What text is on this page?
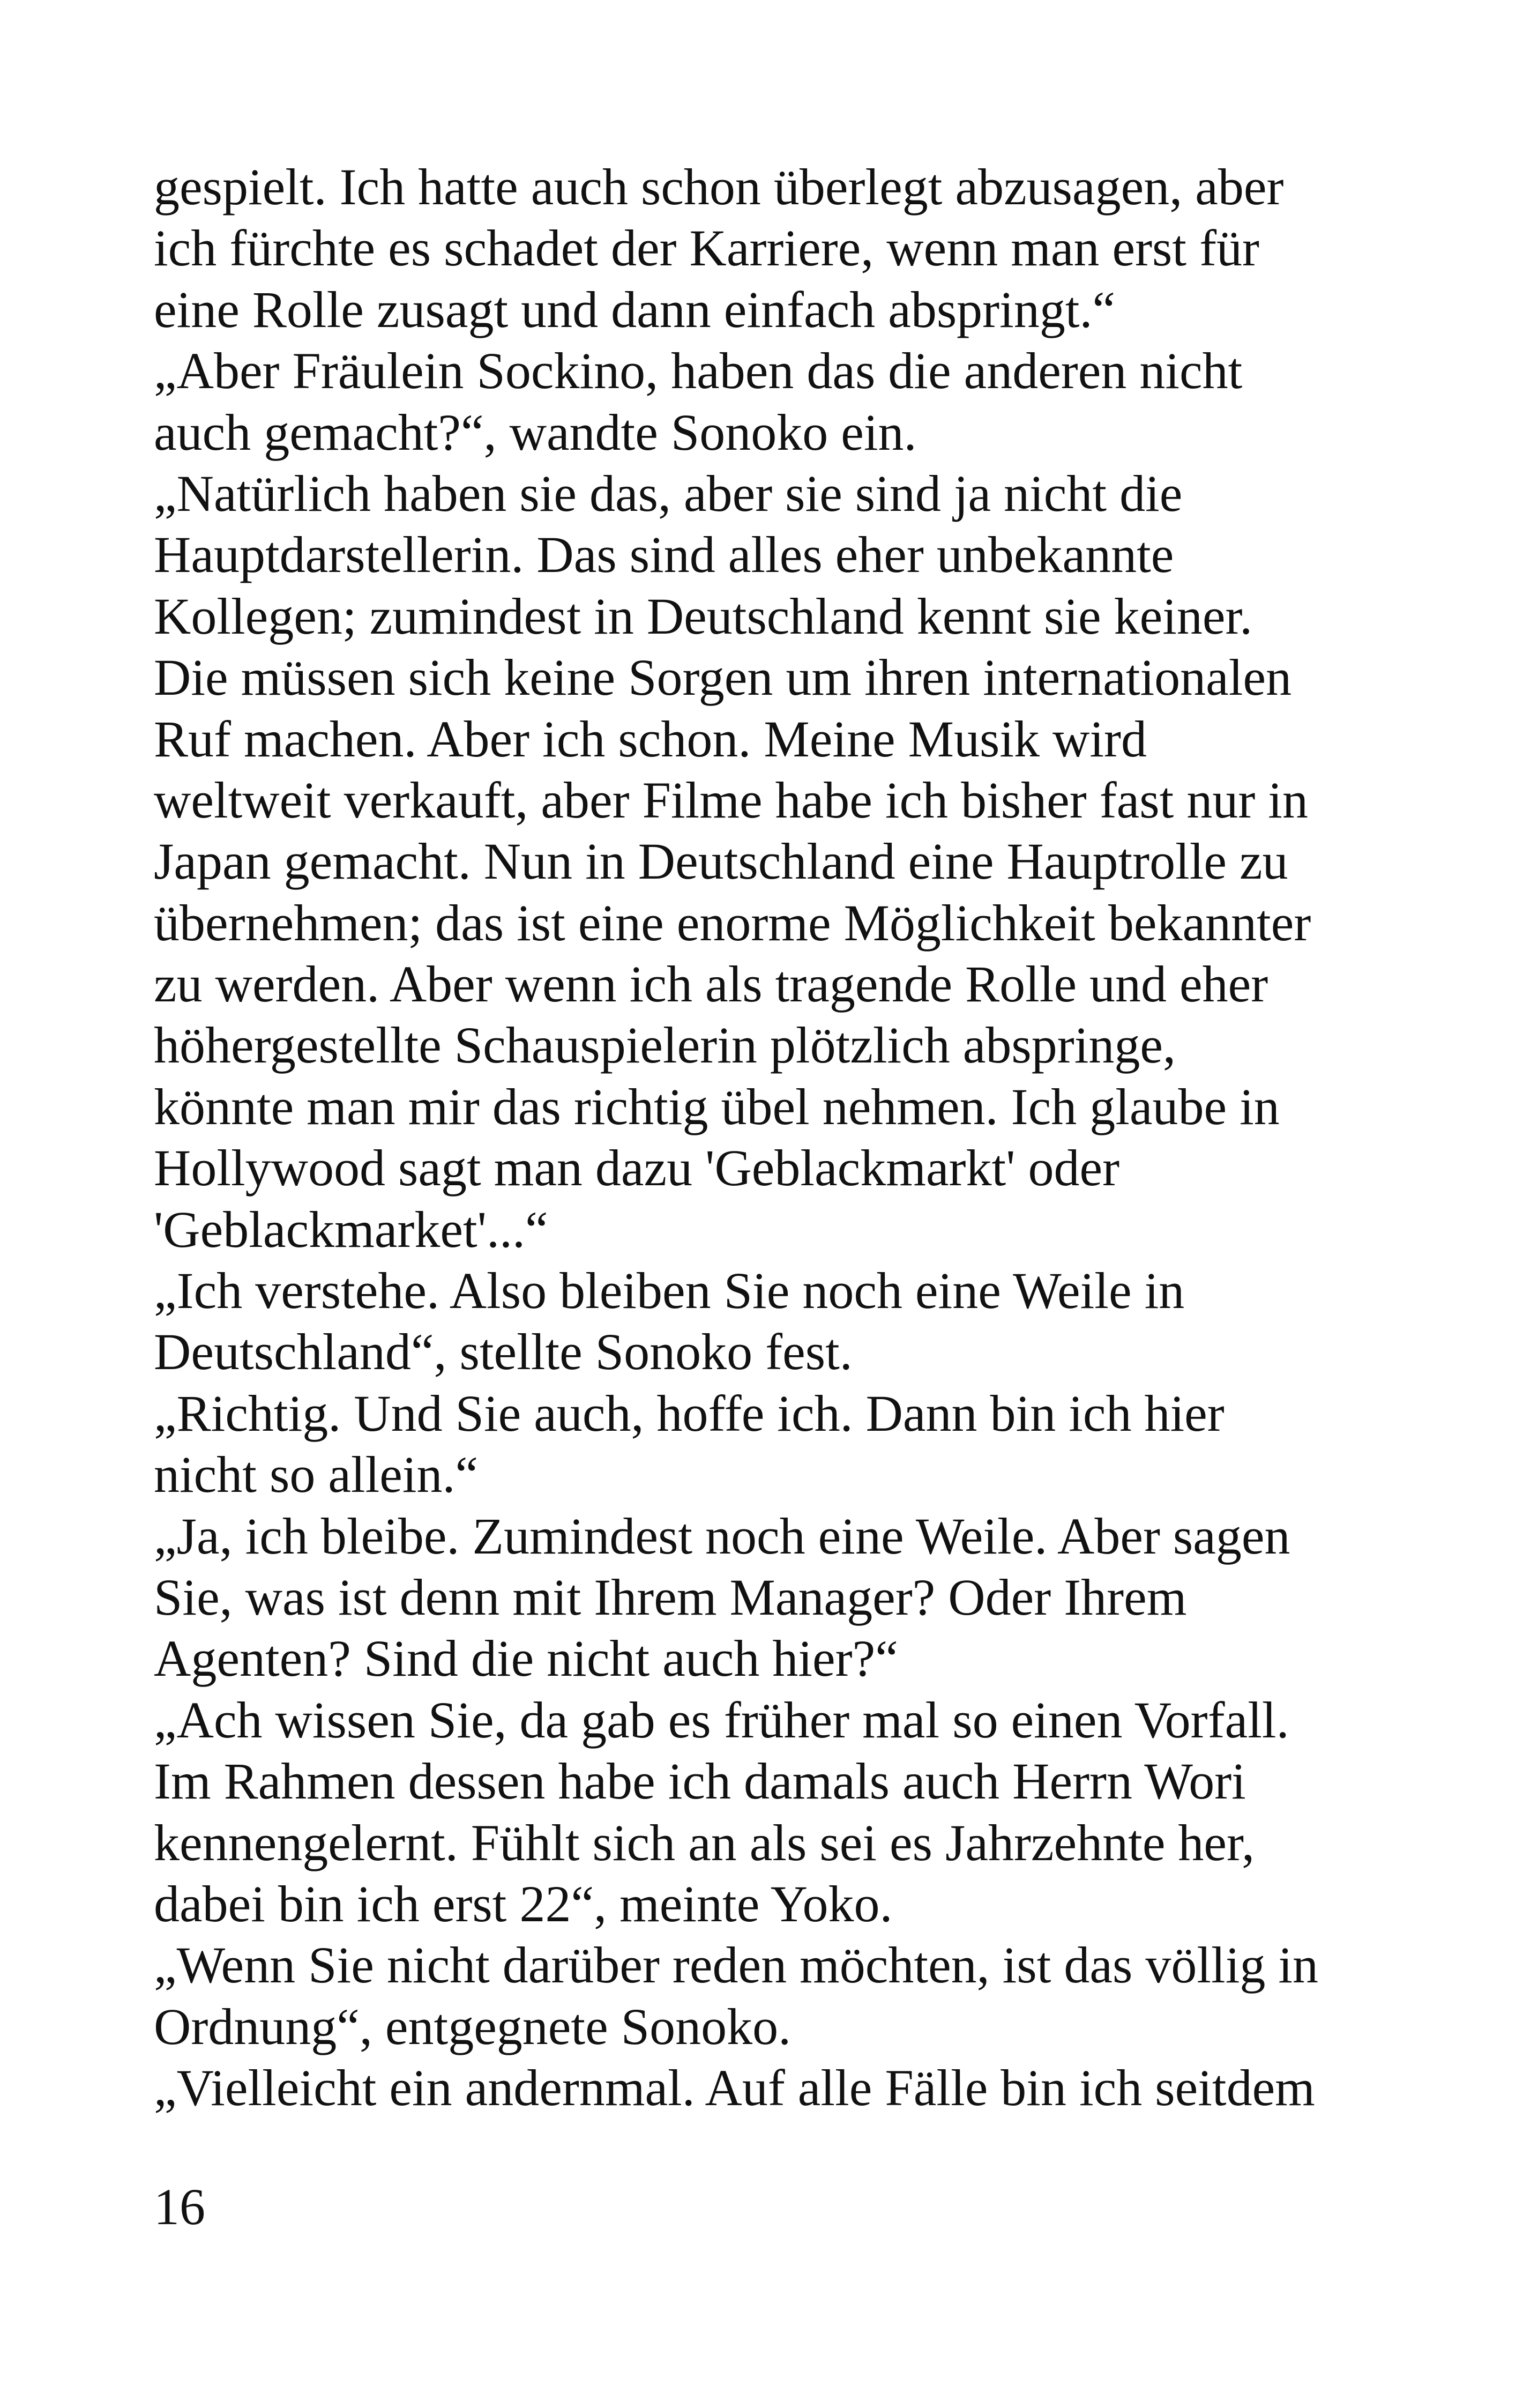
gespielt. Ich hatte auch schon überlegt abzusagen, aber
ich fürchte es schadet der Karriere, wenn man erst für
eine Rolle zusagt und dann einfach abspringt.“
„Aber Fräulein Sockino, haben das die anderen nicht
auch gemacht?“, wandte Sonoko ein.
„Natürlich haben sie das, aber sie sind ja nicht die
Hauptdarstellerin. Das sind alles eher unbekannte
Kollegen; zumindest in Deutschland kennt sie keiner.
Die müssen sich keine Sorgen um ihren internationalen
Ruf machen. Aber ich schon. Meine Musik wird
weltweit verkauft, aber Filme habe ich bisher fast nur in
Japan gemacht. Nun in Deutschland eine Hauptrolle zu
übernehmen; das ist eine enorme Möglichkeit bekannter
zu werden. Aber wenn ich als tragende Rolle und eher
höhergestellte Schauspielerin plötzlich abspringe,
könnte man mir das richtig übel nehmen. Ich glaube in
Hollywood sagt man dazu 'Geblackmarkt' oder
'Geblackmarket'...“
„Ich verstehe. Also bleiben Sie noch eine Weile in
Deutschland“, stellte Sonoko fest.
„Richtig. Und Sie auch, hoffe ich. Dann bin ich hier
nicht so allein.“
„Ja, ich bleibe. Zumindest noch eine Weile. Aber sagen
Sie, was ist denn mit Ihrem Manager? Oder Ihrem
Agenten? Sind die nicht auch hier?“
„Ach wissen Sie, da gab es früher mal so einen Vorfall.
Im Rahmen dessen habe ich damals auch Herrn Wori
kennengelernt. Fühlt sich an als sei es Jahrzehnte her,
dabei bin ich erst 22“, meinte Yoko.
„Wenn Sie nicht darüber reden möchten, ist das völlig in
Ordnung“, entgegnete Sonoko.
„Vielleicht ein andernmal. Auf alle Fälle bin ich seitdem
16
